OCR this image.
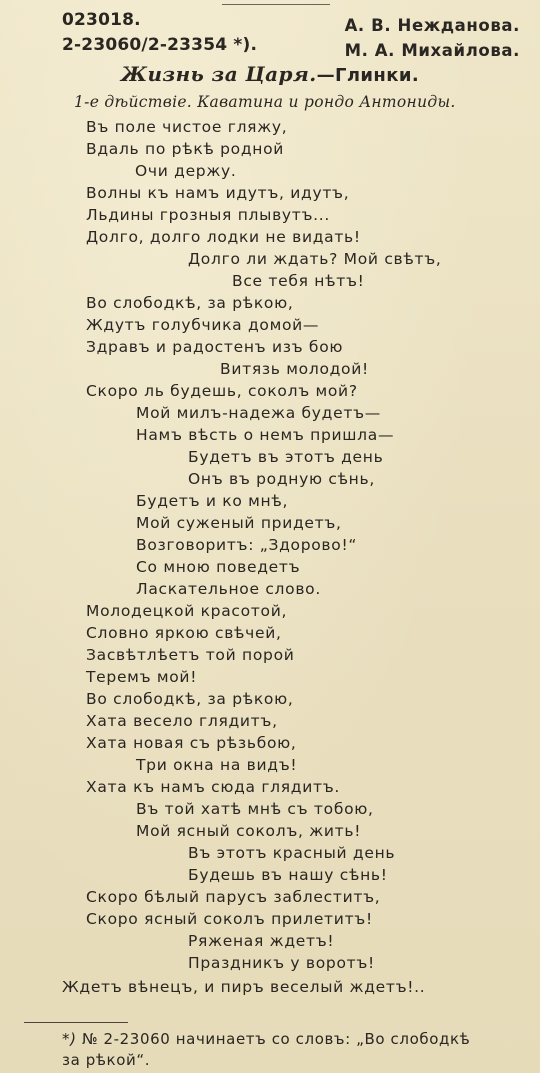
023018.
2-23060/2-23354 *).
А. В. Нежданова.
М. А. Михайлова.
Жизнь за Царя.—Глинки.
1-е дѣйствіе. Каватина и рондо Антониды.
Въ поле чистое гляжу,
Вдаль по рѣкѣ родной
Очи держу.
Волны къ намъ идутъ, идутъ,
Льдины грозныя плывутъ...
Долго, долго лодки не видать!
Долго ли ждать? Мой свѣтъ,
Все тебя нѣтъ!
Во слободкѣ, за рѣкою,
Ждутъ голубчика домой—
Здравъ и радостенъ изъ бою
Витязь молодой!
Скоро ль будешь, соколъ мой?
Мой милъ-надежа будетъ—
Намъ вѣсть о немъ пришла—
Будетъ въ этотъ день
Онъ въ родную сѣнь,
Будетъ и ко мнѣ,
Мой суженый придетъ,
Возговоритъ: „Здорово!“
Со мною поведетъ
Ласкательное слово.
Молодецкой красотой,
Словно яркою свѣчей,
Засвѣтлѣетъ той порой
Теремъ мой!
Во слободкѣ, за рѣкою,
Хата весело глядитъ,
Хата новая съ рѣзьбою,
Три окна на видъ!
Хата къ намъ сюда глядитъ.
Въ той хатѣ мнѣ съ тобою,
Мой ясный соколъ, жить!
Въ этотъ красный день
Будешь въ нашу сѣнь!
Скоро бѣлый парусъ заблеститъ,
Скоро ясный соколъ прилетитъ!
Ряженая ждетъ!
Праздникъ у воротъ!
Ждетъ вѣнецъ, и пиръ веселый ждетъ!..
*) № 2-23060 начинаетъ со словъ: „Во слободкѣ
за рѣкой“.
